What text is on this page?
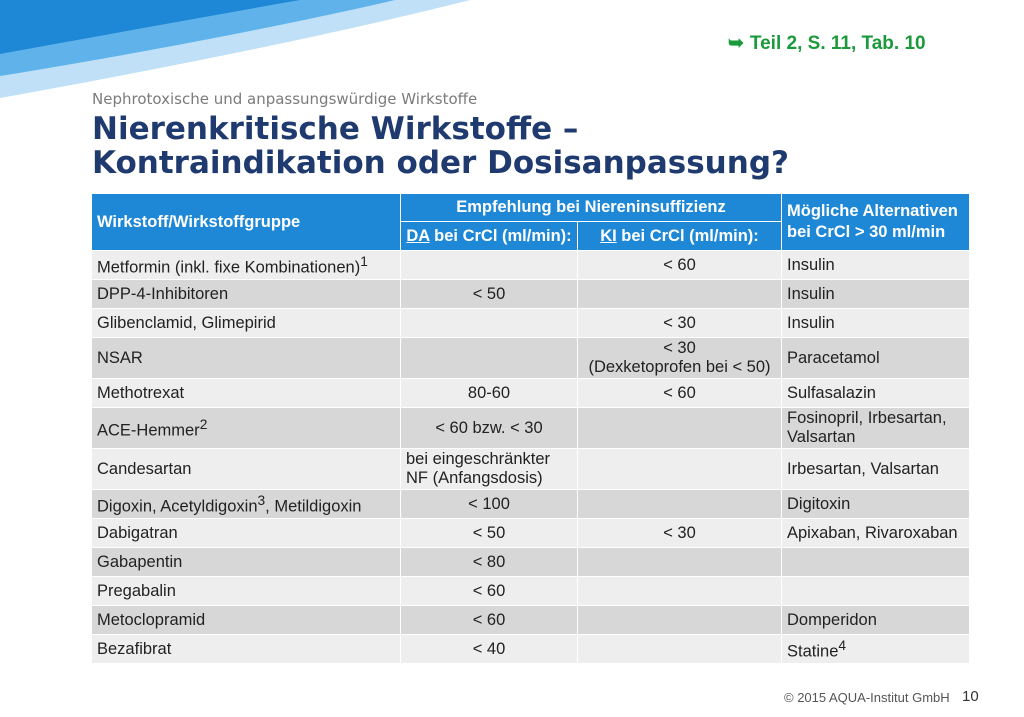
➥ Teil 2, S. 11, Tab. 10
Nephrotoxische und anpassungswürdige Wirkstoffe
Nierenkritische Wirkstoffe –
Kontraindikation oder Dosisanpassung?
Wirkstoff/Wirkstoffgruppe	Empfehlung bei Niereninsuffizienz		Mögliche Alternativen
bei CrCl > 30 ml/min
	DA bei CrCl (ml/min):	KI bei CrCl (ml/min):	
Metformin (inkl. fixe Kombinationen)$^1$		< 60	Insulin
DPP-4-Inhibitoren	< 50		Insulin
Glibenclamid, Glimepirid		< 30	Insulin
NSAR		< 30
(Dexketoprofen bei < 50)	Paracetamol
Methotrexat	80-60	< 60	Sulfasalazin
ACE-Hemmer$^2$	< 60 bzw. < 30		Fosinopril, Irbesartan,
Valsartan
Candesartan	bei eingeschränkter
NF (Anfangsdosis)		Irbesartan, Valsartan
Digoxin, Acetyldigoxin$^3$, Metildigoxin	< 100		Digitoxin
Dabigatran	< 50	< 30	Apixaban, Rivaroxaban
Gabapentin	< 80		
Pregabalin	< 60		
Metoclopramid	< 60		Domperidon
Bezafibrat	< 40		Statine$^4$
© 2015 AQUA-Institut GmbH 10
